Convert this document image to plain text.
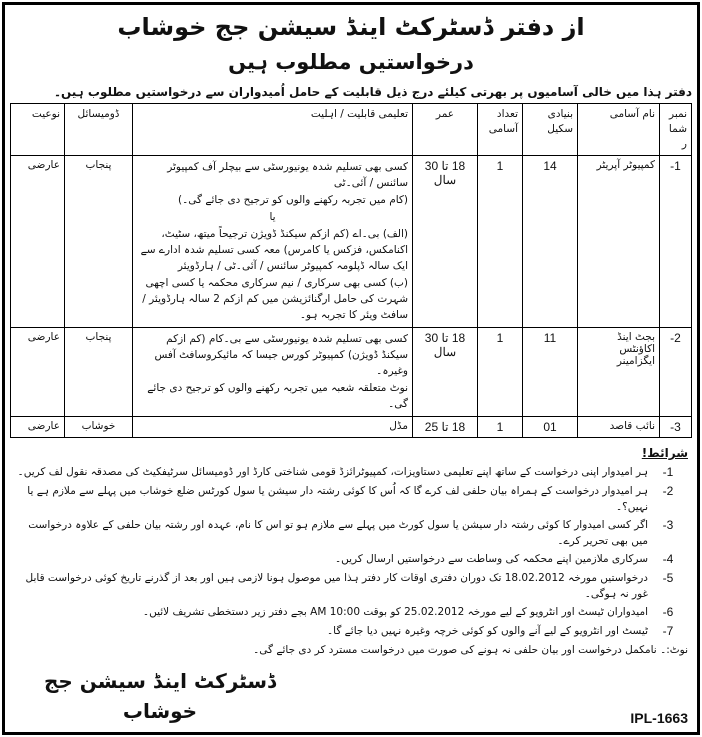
از دفتر ڈسٹرکٹ اینڈ سیشن جج خوشاب
درخواستیں مطلوب ہیں
دفتر ہذا میں خالی آسامیوں پر بھرتی کیلئے درج ذیل قابلیت کے حامل اُمیدواران سے درخواستیں مطلوب ہیں۔
نمبر شمار	نام آسامی	بنیادی سکیل	تعداد آسامی	عمر	تعلیمی قابلیت / اہلیت	ڈومیسائل	نوعیت
1-	کمپیوٹر آپریٹر	14	1	18 تا 30 سال	کسی بھی تسلیم شدہ یونیورسٹی سے بیچلر آف کمپیوٹر سائنس / آئی۔ٹی
(کام میں تجربہ رکھنے والوں کو ترجیح دی جائے گی۔)
یا
(الف) بی۔اے (کم ازکم سیکنڈ ڈویژن ترجیحاً میتھ، سٹیٹ، اکنامکس، فزکس یا کامرس) معہ کسی تسلیم شدہ ادارے سے ایک سالہ ڈپلومہ کمپیوٹر سائنس / آئی۔ٹی / ہارڈویئر
(ب) کسی بھی سرکاری / نیم سرکاری محکمہ یا کسی اچھی شہرت کی حامل ارگنائزیشن میں کم ازکم 2 سالہ ہارڈویئر / سافٹ ویئر کا تجربہ ہو۔	پنجاب	عارضی
2-	بجٹ اینڈ اکاؤنٹس ایگزامینر	11	1	18 تا 30 سال	کسی بھی تسلیم شدہ یونیورسٹی سے بی۔کام (کم ازکم سیکنڈ ڈویژن) کمپیوٹر کورس جیسا کہ مائیکروسافٹ آفس وغیرہ۔
نوٹ متعلقہ شعبہ میں تجربہ رکھنے والوں کو ترجیح دی جائے گی۔	پنجاب	عارضی
3-	نائب قاصد	01	1	18 تا 25	مڈل	خوشاب	عارضی
شرائط!
1-
ہر امیدوار اپنی درخواست کے ساتھ اپنے تعلیمی دستاویزات، کمپیوٹرائزڈ قومی شناختی کارڈ اور ڈومیسائل سرٹیفکیٹ کی مصدقہ نقول لف کریں۔
2-
ہر امیدوار درخواست کے ہمراہ بیان حلفی لف کرے گا کہ اُس کا کوئی رشتہ دار سیشن یا سول کورٹس ضلع خوشاب میں پہلے سے ملازم ہے یا نہیں؟۔
3-
اگر کسی امیدوار کا کوئی رشتہ دار سیشن یا سول کورٹ میں پہلے سے ملازم ہو تو اس کا نام، عہدہ اور رشتہ بیان حلفی کے علاوہ درخواست میں بھی تحریر کرے۔
4-
سرکاری ملازمین اپنے محکمہ کی وساطت سے درخواستیں ارسال کریں۔
5-
درخواستیں مورخہ 18.02.2012 تک دوران دفتری اوقات کار دفتر ہذا میں موصول ہونا لازمی ہیں اور بعد از گذرنے تاریخ کوئی درخواست قابل غور نہ ہوگی۔
6-
امیدواران ٹیسٹ اور انٹرویو کے لیے مورخہ 25.02.2012 کو بوقت 10:00 AM بجے دفتر زیر دستخطی تشریف لائیں۔
7-
ٹیسٹ اور انٹرویو کے لیے آنے والوں کو کوئی خرچہ وغیرہ نہیں دیا جائے گا۔
نوٹ:۔ نامکمل درخواست اور بیان حلفی نہ ہونے کی صورت میں درخواست مسترد کر دی جائے گی۔
ڈسٹرکٹ اینڈ سیشن جج
خوشاب	IPL-1663
